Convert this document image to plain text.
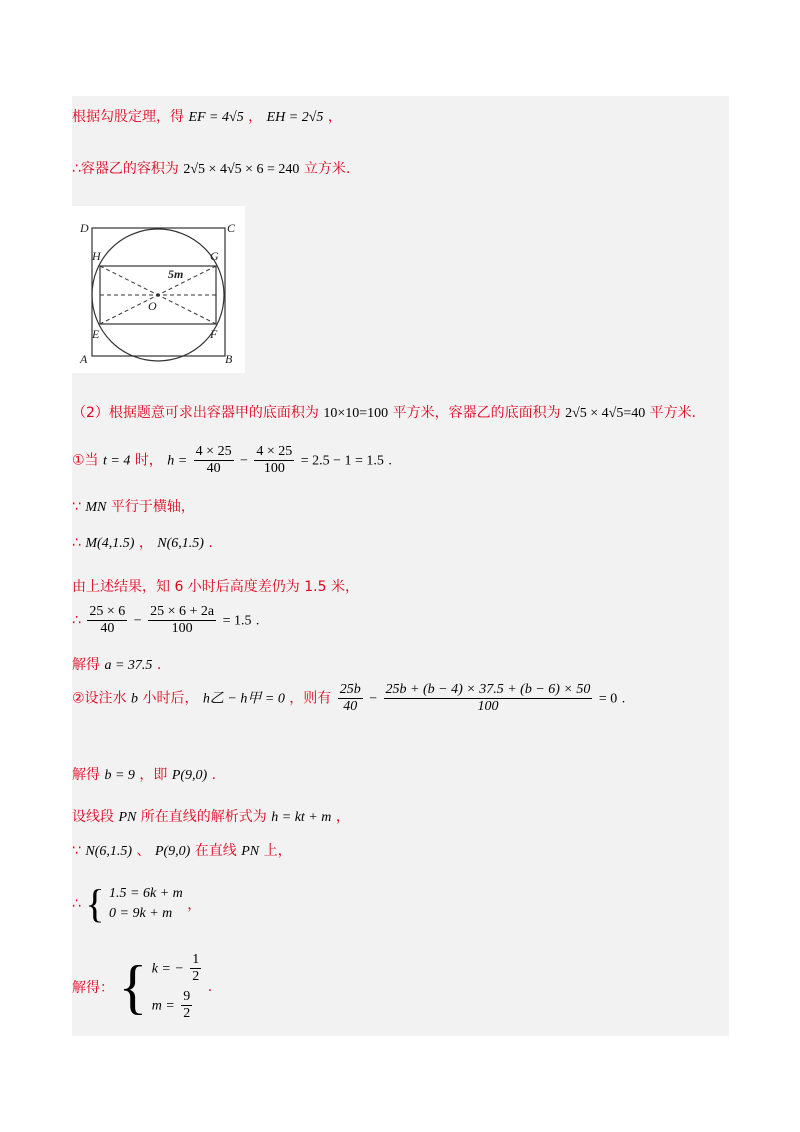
根据勾股定理，得 EF = 4√5 ， EH = 2√5 ，
∴容器乙的容积为 2√5 × 4√5 × 6 = 240 立方米.
D	C
H	G
5m
O
E	F
A	B
（2）根据题意可求出容器甲的底面积为 10×10=100 平方米，容器乙的底面积为 2√5 × 4√5=40 平方米.
①当 t = 4 时， $h = \frac{4 \times 25}{40} - \frac{4 \times 25}{100} = 2.5 - 1 = 1.5$ .
∵ MN 平行于横轴，
∴ M(4,1.5) ， N(6,1.5) .
由上述结果，知 6 小时后高度差仍为 1.5 米，
∴ $\frac{25 \times 6}{40} - \frac{25 \times 6 + 2a}{100} = 1.5$ .
解得 a = 37.5 .
②设注水 b 小时后， h乙 − h甲 = 0 ，则有 $\frac{25b}{40} - \frac{25b + (b - 4) \times 37.5 + (b - 6) \times 50}{100} = 0$ .
解得 b = 9 ，即 P(9,0) .
设线段 PN 所在直线的解析式为 h = kt + m ，
∵ N(6,1.5) 、 P(9,0) 在直线 PN 上，
∴ { 1.5 = 6k + m
0 = 9k + m
，
解得： { k = − $\frac{1}{2}$
$m = \frac{9}{2}$
.
